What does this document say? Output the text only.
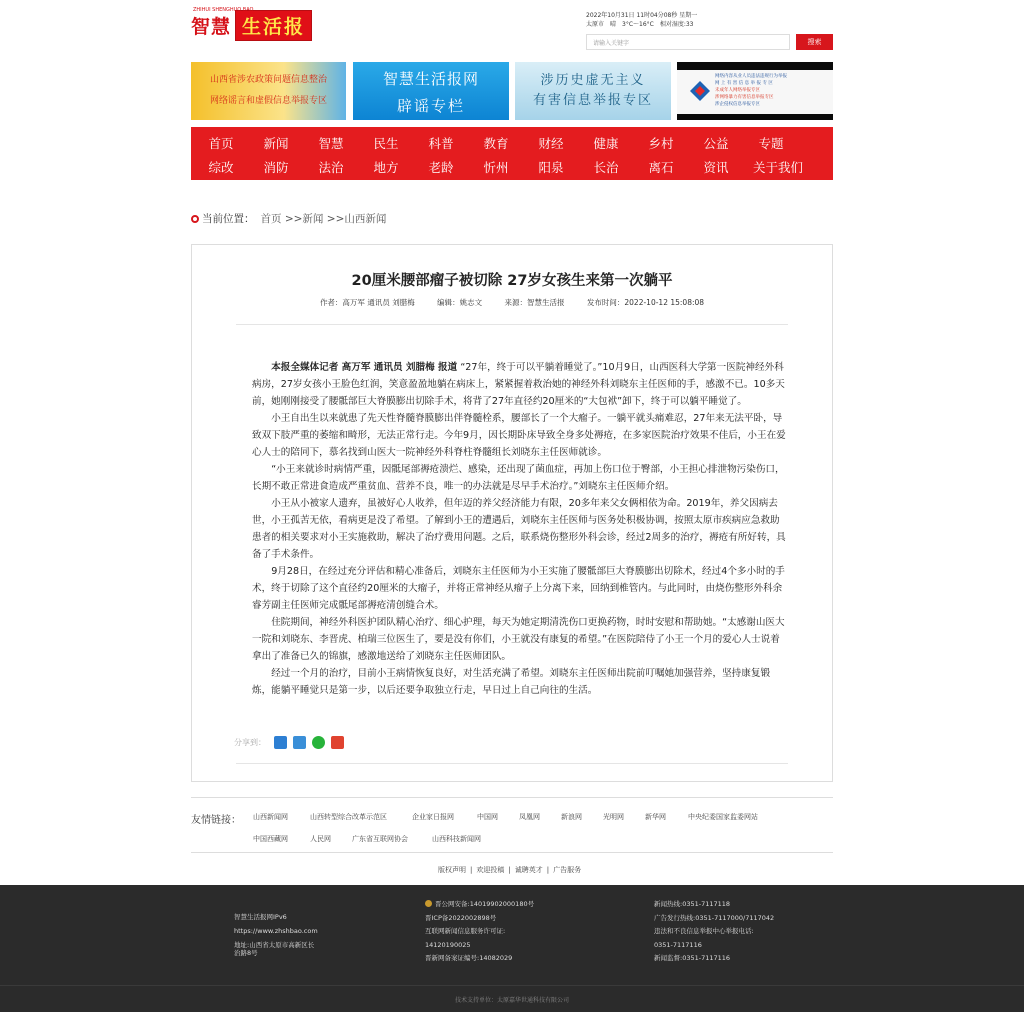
ZHIHUI SHENGHUO BAO
智慧 生活报	2022年10月31日 11时04分08秒 星期一
太原市　晴　3°C～16°C　相对湿度:33
请输入关键字	搜索
山西省涉农政策问题信息整治
网络谣言和虚假信息举报专区
智慧生活报网
辟谣专栏
涉历史虚无主义
有害信息举报专区
网络内容从业人员违法违规行为举报
网 上 有 害 信 息 举 报 专 区
未成年人网络举报专区
涉网络暴力有害信息举报专区
涉企侵权信息举报专区
首页	新闻	智慧	民生	科普	教育	财经	健康	乡村	公益	专题
综改	消防	法治	地方	老龄	忻州	阳泉	长治	离石	资讯	关于我们
当前位置： 首页 >>新闻 >>山西新闻
20厘米腰部瘤子被切除 27岁女孩生来第一次躺平
作者：高万军 通讯员 刘腊梅	编辑：姚志文	来源：智慧生活报	发布时间：2022-10-12 15:08:08

本报全媒体记者 高万军 通讯员 刘腊梅 报道 “27年，终于可以平躺着睡觉了。”10月9日，山西医科大学第一医院神经外科病房，27岁女孩小王脸色红润，笑意盈盈地躺在病床上，紧紧握着救治她的神经外科刘晓东主任医师的手，感激不已。10多天前，她刚刚接受了腰骶部巨大脊膜膨出切除手术，将背了27年直径约20厘米的“大包袱”卸下，终于可以躺平睡觉了。

小王自出生以来就患了先天性脊髓脊膜膨出伴脊髓栓系，腰部长了一个大瘤子。一躺平就头痛难忍，27年来无法平卧，导致双下肢严重的萎缩和畸形，无法正常行走。今年9月，因长期卧床导致全身多处褥疮，在多家医院治疗效果不佳后，小王在爱心人士的陪同下，慕名找到山医大一院神经外科脊柱脊髓组长刘晓东主任医师就诊。

“小王来就诊时病情严重，因骶尾部褥疮溃烂、感染，还出现了菌血症，再加上伤口位于臀部，小王担心排泄物污染伤口，长期不敢正常进食造成严重贫血、营养不良，唯一的办法就是尽早手术治疗。”刘晓东主任医师介绍。

小王从小被家人遗弃，虽被好心人收养，但年迈的养父经济能力有限，20多年来父女俩相依为命。2019年，养父因病去世，小王孤苦无依，看病更是没了希望。了解到小王的遭遇后，刘晓东主任医师与医务处积极协调，按照太原市疾病应急救助患者的相关要求对小王实施救助，解决了治疗费用问题。之后，联系烧伤整形外科会诊，经过2周多的治疗，褥疮有所好转，具备了手术条件。

9月28日，在经过充分评估和精心准备后，刘晓东主任医师为小王实施了腰骶部巨大脊膜膨出切除术，经过4个多小时的手术，终于切除了这个直径约20厘米的大瘤子，并将正常神经从瘤子上分离下来，回纳到椎管内。与此同时，由烧伤整形外科余睿芳副主任医师完成骶尾部褥疮清创缝合术。

住院期间，神经外科医护团队精心治疗、细心护理，每天为她定期清洗伤口更换药物，时时安慰和帮助她。“太感谢山医大一院和刘晓东、李晋虎、柏瑞三位医生了，要是没有你们，小王就没有康复的希望。”在医院陪侍了小王一个月的爱心人士说着拿出了准备已久的锦旗，感激地送给了刘晓东主任医师团队。

经过一个月的治疗，目前小王病情恢复良好，对生活充满了希望。刘晓东主任医师出院前叮嘱她加强营养，坚持康复锻炼，能躺平睡觉只是第一步，以后还要争取独立行走，早日过上自己向往的生活。

分享到：
友情链接： 山西新闻网	山西转型综合改革示范区	企业家日报网	中国网	凤凰网	新浪网	光明网	新华网	中央纪委国家监委网站
中国西藏网	人民网	广东省互联网协会	山西科技新闻网
版权声明 | 欢迎投稿 | 诚聘英才 | 广告服务
智慧生活报网IPv6
https://www.zhshbao.com
地址:山西省太原市高新区长
治路8号
晋公网安备:14019902000180号
晋ICP备2022002898号
互联网新闻信息服务许可证:
14120190025
晋新网备案证编号:14082029
新闻热线:0351-7117118
广告发行热线:0351-7117000/7117042
违法和不良信息举报中心举报电话:
0351-7117116
新闻监督:0351-7117116
技术支持单位：太原嘉华世通科技有限公司
